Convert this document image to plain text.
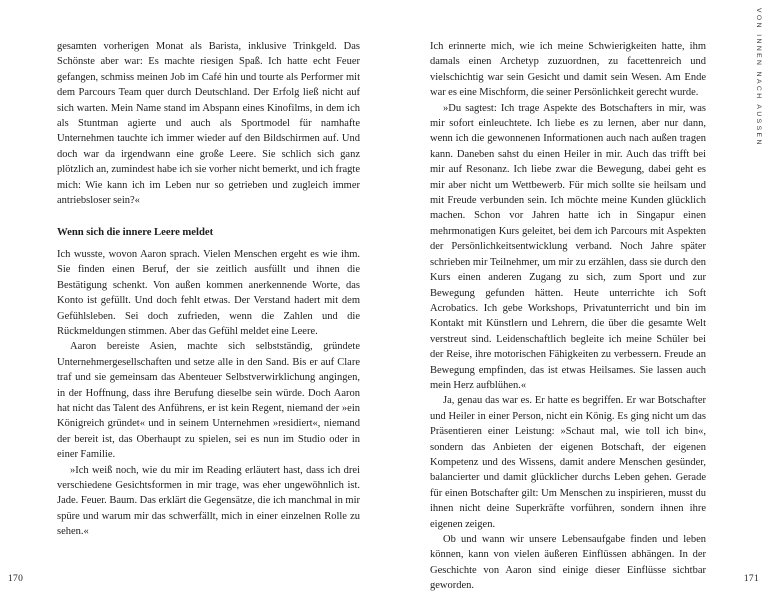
VON INNEN NACH AUSSEN

gesamten vorherigen Monat als Barista, inklusive Trinkgeld. Das Schönste aber war: Es machte riesigen Spaß. Ich hatte echt Feuer gefangen, schmiss meinen Job im Café hin und tourte als Performer mit dem Parcours Team quer durch Deutschland. Der Erfolg ließ nicht auf sich warten. Mein Name stand im Abspann eines Kinofilms, in dem ich als Stuntman agierte und auch als Sportmodel für namhafte Unternehmen tauchte ich immer wieder auf den Bildschirmen auf. Und doch war da irgendwann eine große Leere. Sie schlich sich ganz plötzlich an, zumindest habe ich sie vorher nicht bemerkt, und ich fragte mich: Wie kann ich im Leben nur so getrieben und zugleich immer antriebsloser sein?«

Wenn sich die innere Leere meldet

Ich wusste, wovon Aaron sprach. Vielen Menschen ergeht es wie ihm. Sie finden einen Beruf, der sie zeitlich ausfüllt und ihnen die Bestätigung schenkt. Von außen kommen anerkennende Worte, das Konto ist gefüllt. Und doch fehlt etwas. Der Verstand hadert mit dem Gefühlsleben. Sei doch zufrieden, wenn die Zahlen und die Rückmeldungen stimmen. Aber das Gefühl meldet eine Leere.

Aaron bereiste Asien, machte sich selbstständig, gründete Unternehmergesellschaften und setze alle in den Sand. Bis er auf Clare traf und sie gemeinsam das Abenteuer Selbstverwirklichung angingen, in der Hoffnung, dass ihre Berufung dieselbe sein würde. Doch Aaron hat nicht das Talent des Anführens, er ist kein Regent, niemand der »ein Königreich gründet« und in seinem Unternehmen »residiert«, niemand der bereit ist, das Oberhaupt zu spielen, sei es nun im Studio oder in einer Familie.

»Ich weiß noch, wie du mir im Reading erläutert hast, dass ich drei verschiedene Gesichtsformen in mir trage, was eher ungewöhnlich ist. Jade. Feuer. Baum. Das erklärt die Gegensätze, die ich manchmal in mir spüre und warum mir das schwerfällt, mich in einer einzelnen Rolle zu sehen.«

Ich erinnerte mich, wie ich meine Schwierigkeiten hatte, ihm damals einen Archetyp zuzuordnen, zu facettenreich und vielschichtig war sein Gesicht und damit sein Wesen. Am Ende war es eine Mischform, die seiner Persönlichkeit gerecht wurde.

»Du sagtest: Ich trage Aspekte des Botschafters in mir, was mir sofort einleuchtete. Ich liebe es zu lernen, aber nur dann, wenn ich die gewonnenen Informationen auch nach außen tragen kann. Daneben sahst du einen Heiler in mir. Auch das trifft bei mir auf Resonanz. Ich liebe zwar die Bewegung, dabei geht es mir aber nicht um Wettbewerb. Für mich sollte sie heilsam und mit Freude verbunden sein. Ich möchte meine Kunden glücklich machen. Schon vor Jahren hatte ich in Singapur einen mehrmonatigen Kurs geleitet, bei dem ich Parcours mit Aspekten der Persönlichkeitsentwicklung verband. Noch Jahre später schrieben mir Teilnehmer, um mir zu erzählen, dass sie durch den Kurs einen anderen Zugang zu sich, zum Sport und zur Bewegung gefunden hätten. Heute unterrichte ich Soft Acrobatics. Ich gebe Workshops, Privatunterricht und bin im Kontakt mit Künstlern und Lehrern, die über die gesamte Welt verstreut sind. Leidenschaftlich begleite ich meine Schüler bei der Reise, ihre motorischen Fähigkeiten zu verbessern. Freude an Bewegung empfinden, das ist etwas Heilsames. Sie lassen auch mein Herz aufblühen.«

Ja, genau das war es. Er hatte es begriffen. Er war Botschafter und Heiler in einer Person, nicht ein König. Es ging nicht um das Präsentieren einer Leistung: »Schaut mal, wie toll ich bin«, sondern das Anbieten der eigenen Botschaft, der eigenen Kompetenz und des Wissens, damit andere Menschen gesünder, balancierter und damit glücklicher durchs Leben gehen. Gerade für einen Botschafter gilt: Um Menschen zu inspirieren, musst du ihnen nicht deine Superkräfte vorführen, sondern ihnen ihre eigenen zeigen.

Ob und wann wir unsere Lebensaufgabe finden und leben können, kann von vielen äußeren Einflüssen abhängen. In der Geschichte von Aaron sind einige dieser Einflüsse sichtbar geworden.

170	171
